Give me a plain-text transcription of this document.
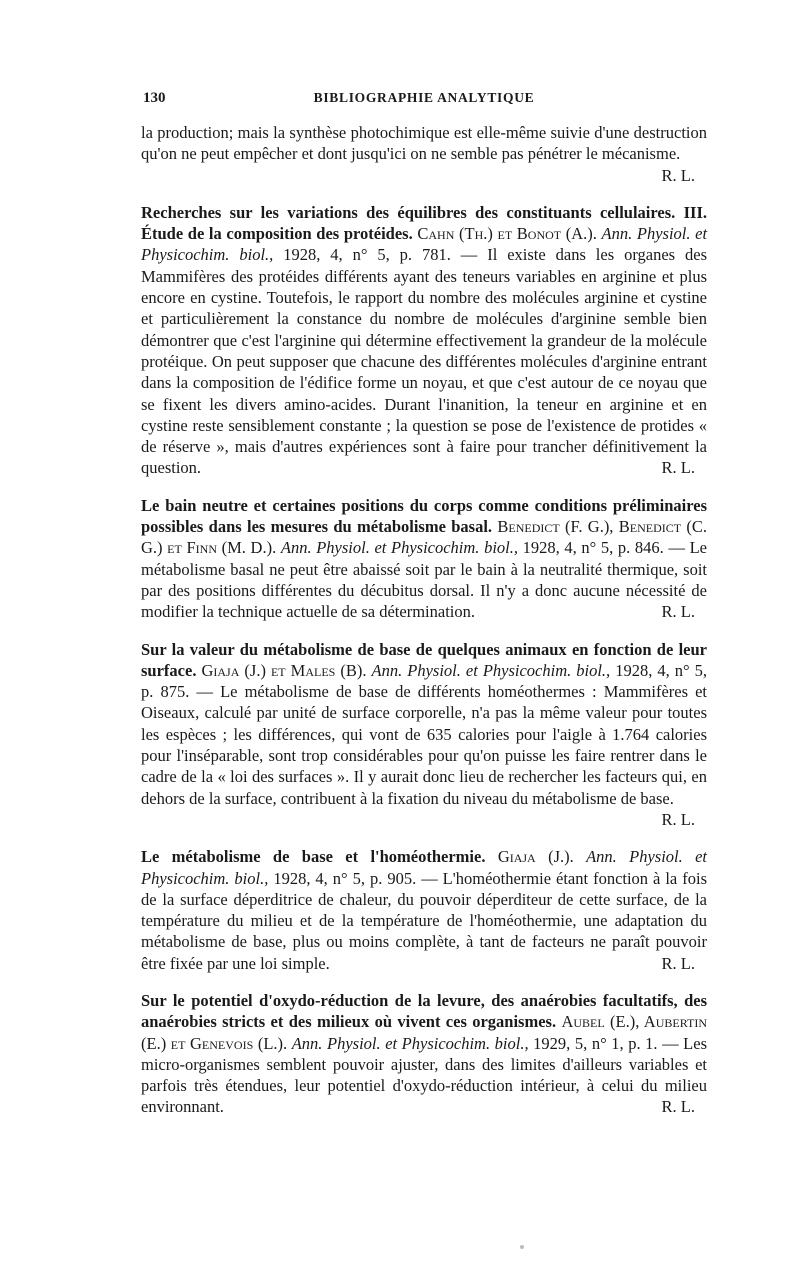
130	BIBLIOGRAPHIE ANALYTIQUE

la production; mais la synthèse photochimique est elle-même suivie d'une destruction qu'on ne peut empêcher et dont jusqu'ici on ne semble pas pénétrer le mécanisme.
R. L.

Recherches sur les variations des équilibres des constituants cellulaires. III. Étude de la composition des protéides. Cahn (Th.) et Bonot (A.). Ann. Physiol. et Physicochim. biol., 1928, 4, n° 5, p. 781. — Il existe dans les organes des Mammifères des protéides différents ayant des teneurs variables en arginine et plus encore en cystine. Toutefois, le rapport du nombre des molécules arginine et cystine et particulièrement la constance du nombre de molécules d'arginine semble bien démontrer que c'est l'arginine qui détermine effectivement la grandeur de la molécule protéique. On peut supposer que chacune des différentes molécules d'arginine entrant dans la composition de l'édifice forme un noyau, et que c'est autour de ce noyau que se fixent les divers amino-acides. Durant l'inanition, la teneur en arginine et en cystine reste sensiblement constante ; la question se pose de l'existence de protides « de réserve », mais d'autres expériences sont à faire pour trancher définitivement la question.	R. L.

Le bain neutre et certaines positions du corps comme conditions préliminaires possibles dans les mesures du métabolisme basal. Benedict (F. G.), Benedict (C. G.) et Finn (M. D.). Ann. Physiol. et Physicochim. biol., 1928, 4, n° 5, p. 846. — Le métabolisme basal ne peut être abaissé soit par le bain à la neutralité thermique, soit par des positions différentes du décubitus dorsal. Il n'y a donc aucune nécessité de modifier la technique actuelle de sa détermination.	R. L.

Sur la valeur du métabolisme de base de quelques animaux en fonction de leur surface. Giaja (J.) et Males (B). Ann. Physiol. et Physicochim. biol., 1928, 4, n° 5, p. 875. — Le métabolisme de base de différents homéothermes : Mammifères et Oiseaux, calculé par unité de surface corporelle, n'a pas la même valeur pour toutes les espèces ; les différences, qui vont de 635 calories pour l'aigle à 1.764 calories pour l'inséparable, sont trop considérables pour qu'on puisse les faire rentrer dans le cadre de la « loi des surfaces ». Il y aurait donc lieu de rechercher les facteurs qui, en dehors de la surface, contribuent à la fixation du niveau du métabolisme de base.
R. L.

Le métabolisme de base et l'homéothermie. Giaja (J.). Ann. Physiol. et Physicochim. biol., 1928, 4, n° 5, p. 905. — L'homéothermie étant fonction à la fois de la surface déperditrice de chaleur, du pouvoir déperditeur de cette surface, de la température du milieu et de la température de l'homéothermie, une adaptation du métabolisme de base, plus ou moins complète, à tant de facteurs ne paraît pouvoir être fixée par une loi simple.	R. L.

Sur le potentiel d'oxydo-réduction de la levure, des anaérobies facultatifs, des anaérobies stricts et des milieux où vivent ces organismes. Aubel (E.), Aubertin (E.) et Genevois (L.). Ann. Physiol. et Physicochim. biol., 1929, 5, n° 1, p. 1. — Les micro-organismes semblent pouvoir ajuster, dans des limites d'ailleurs variables et parfois très étendues, leur potentiel d'oxydo-réduction intérieur, à celui du milieu environnant.	R. L.
